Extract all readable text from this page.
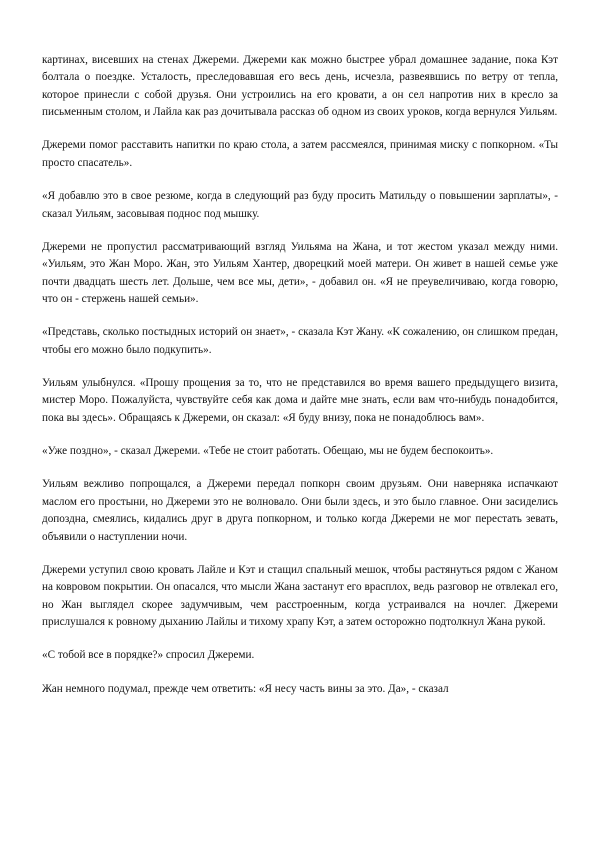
картинах, висевших на стенах Джереми. Джереми как можно быстрее убрал домашнее задание, пока Кэт болтала о поездке. Усталость, преследовавшая его весь день, исчезла, развеявшись по ветру от тепла, которое принесли с собой друзья. Они устроились на его кровати, а он сел напротив них в кресло за письменным столом, и Лайла как раз дочитывала рассказ об одном из своих уроков, когда вернулся Уильям.

Джереми помог расставить напитки по краю стола, а затем рассмеялся, принимая миску с попкорном. «Ты просто спасатель».

«Я добавлю это в свое резюме, когда в следующий раз буду просить Матильду о повышении зарплаты», - сказал Уильям, засовывая поднос под мышку.

Джереми не пропустил рассматривающий взгляд Уильяма на Жана, и тот жестом указал между ними. «Уильям, это Жан Моро. Жан, это Уильям Хантер, дворецкий моей матери. Он живет в нашей семье уже почти двадцать шесть лет. Дольше, чем все мы, дети», - добавил он. «Я не преувеличиваю, когда говорю, что он - стержень нашей семьи».

«Представь, сколько постыдных историй он знает», - сказала Кэт Жану. «К сожалению, он слишком предан, чтобы его можно было подкупить».

Уильям улыбнулся. «Прошу прощения за то, что не представился во время вашего предыдущего визита, мистер Моро. Пожалуйста, чувствуйте себя как дома и дайте мне знать, если вам что-нибудь понадобится, пока вы здесь». Обращаясь к Джереми, он сказал: «Я буду внизу, пока не понадоблюсь вам».

«Уже поздно», - сказал Джереми. «Тебе не стоит работать. Обещаю, мы не будем беспокоить».

Уильям вежливо попрощался, а Джереми передал попкорн своим друзьям. Они наверняка испачкают маслом его простыни, но Джереми это не волновало. Они были здесь, и это было главное. Они засиделись допоздна, смеялись, кидались друг в друга попкорном, и только когда Джереми не мог перестать зевать, объявили о наступлении ночи.

Джереми уступил свою кровать Лайле и Кэт и стащил спальный мешок, чтобы растянуться рядом с Жаном на ковровом покрытии. Он опасался, что мысли Жана застанут его врасплох, ведь разговор не отвлекал его, но Жан выглядел скорее задумчивым, чем расстроенным, когда устраивался на ночлег. Джереми прислушался к ровному дыханию Лайлы и тихому храпу Кэт, а затем осторожно подтолкнул Жана рукой.

«С тобой все в порядке?» спросил Джереми.

Жан немного подумал, прежде чем ответить: «Я несу часть вины за это. Да», - сказал
